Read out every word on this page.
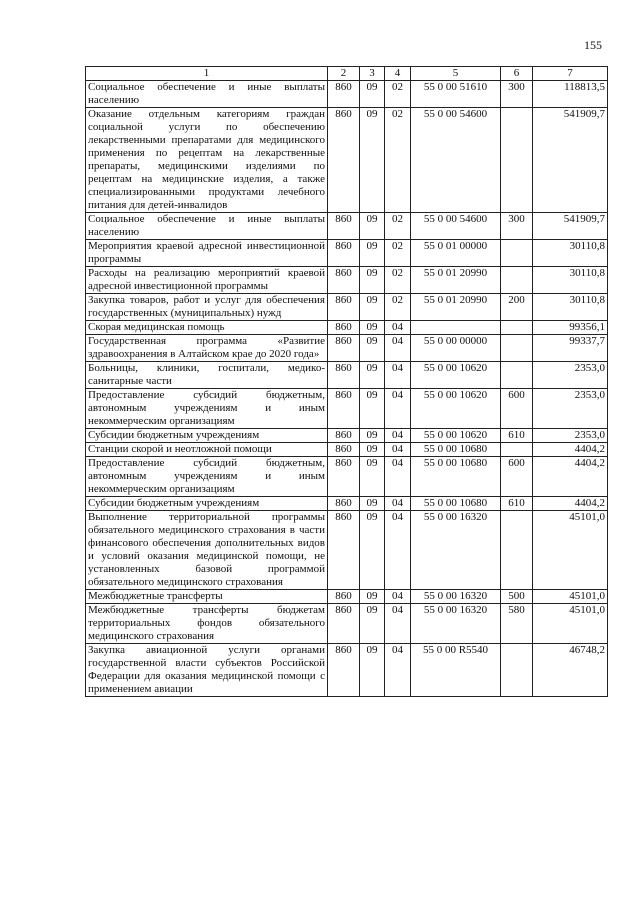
155
1	2	3	4	5	6	7
Социальное обеспечение и иные выплаты населению	860	09	02	55 0 00 51610	300	118813,5
Оказание отдельным категориям граждан социальной услуги по обеспечению лекарственными препаратами для медицинского применения по рецептам на лекарственные препараты, медицинскими изделиями по рецептам на медицинские изделия, а также специализированными продуктами лечебного питания для детей-инвалидов	860	09	02	55 0 00 54600		541909,7
Социальное обеспечение и иные выплаты населению	860	09	02	55 0 00 54600	300	541909,7
Мероприятия краевой адресной инвестиционной программы	860	09	02	55 0 01 00000		30110,8
Расходы на реализацию мероприятий краевой адресной инвестиционной программы	860	09	02	55 0 01 20990		30110,8
Закупка товаров, работ и услуг для обеспечения государственных (муниципальных) нужд	860	09	02	55 0 01 20990	200	30110,8
Скорая медицинская помощь	860	09	04			99356,1
Государственная программа «Развитие здравоохранения в Алтайском крае до 2020 года»	860	09	04	55 0 00 00000		99337,7
Больницы, клиники, госпитали, медико-санитарные части	860	09	04	55 0 00 10620		2353,0
Предоставление субсидий бюджетным, автономным учреждениям и иным некоммерческим организациям	860	09	04	55 0 00 10620	600	2353,0
Субсидии бюджетным учреждениям	860	09	04	55 0 00 10620	610	2353,0
Станции скорой и неотложной помощи	860	09	04	55 0 00 10680		4404,2
Предоставление субсидий бюджетным, автономным учреждениям и иным некоммерческим организациям	860	09	04	55 0 00 10680	600	4404,2
Субсидии бюджетным учреждениям	860	09	04	55 0 00 10680	610	4404,2
Выполнение территориальной программы обязательного медицинского страхования в части финансового обеспечения дополнительных видов и условий оказания медицинской помощи, не установленных базовой программой обязательного медицинского страхования	860	09	04	55 0 00 16320		45101,0
Межбюджетные трансферты	860	09	04	55 0 00 16320	500	45101,0
Межбюджетные трансферты бюджетам территориальных фондов обязательного медицинского страхования	860	09	04	55 0 00 16320	580	45101,0
Закупка авиационной услуги органами государственной власти субъектов Российской Федерации для оказания медицинской помощи с применением авиации	860	09	04	55 0 00 R5540		46748,2
